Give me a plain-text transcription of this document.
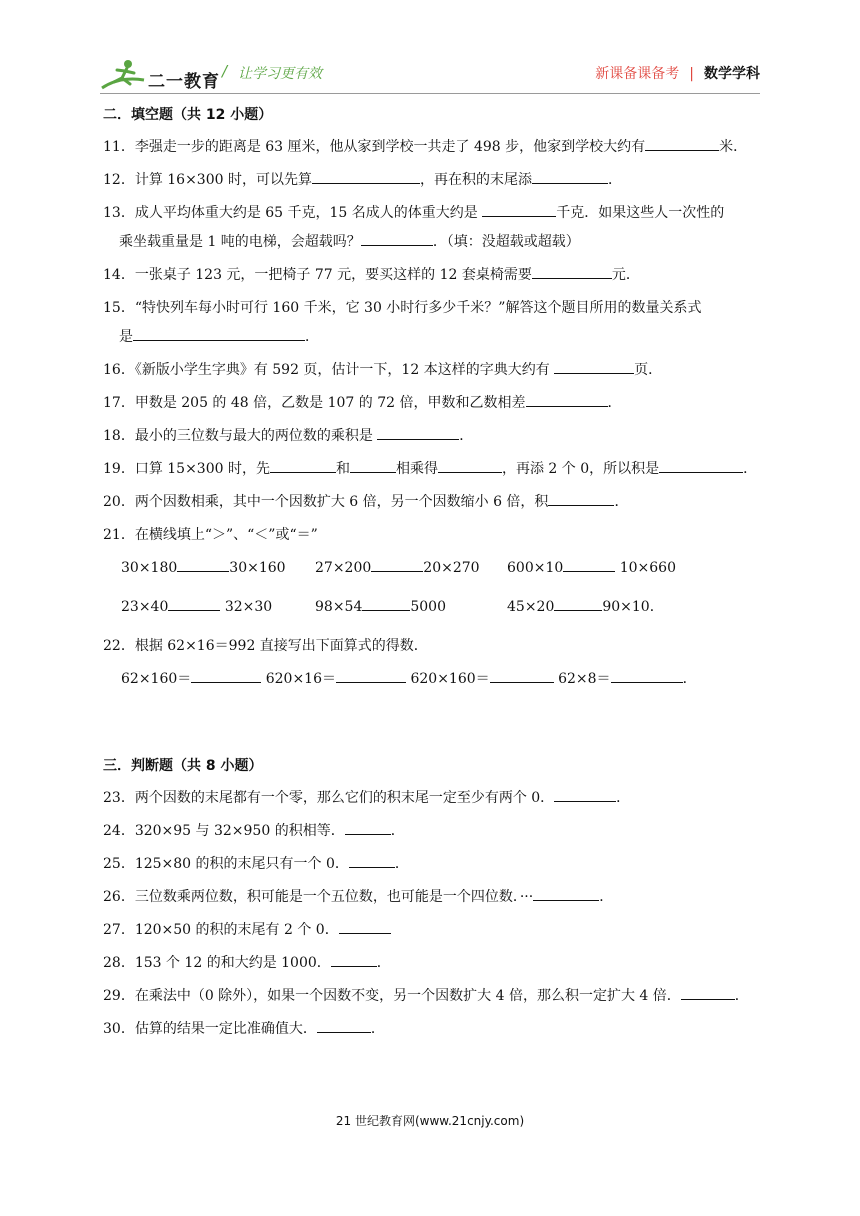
二一教育
/ 让学习更有效	新课备课备考 | 数学学科
二．填空题（共 12 小题）
11．李强走一步的距离是 63 厘米，他从家到学校一共走了 498 步，他家到学校大约有	米．
12．计算 16×300 时，可以先算	，再在积的末尾添	．
13．成人平均体重大约是 65 千克，15 名成人的体重大约是	千克．如果这些人一次性的
乘坐载重量是 1 吨的电梯，会超载吗？	．（填：没超载或超载）
14．一张桌子 123 元，一把椅子 77 元，要买这样的 12 套桌椅需要	元．
15．“特快列车每小时可行 160 千米，它 30 小时行多少千米？”解答这个题目所用的数量关系式
是	．
16．《新版小学生字典》有 592 页，估计一下，12 本这样的字典大约有	页．
17．甲数是 205 的 48 倍，乙数是 107 的 72 倍，甲数和乙数相差	．
18．最小的三位数与最大的两位数的乘积是	．
19．口算 15×300 时，先	和	相乘得	，再添 2 个 0，所以积是	．
20．两个因数相乘，其中一个因数扩大 6 倍，另一个因数缩小 6 倍，积	．
21．在横线填上“＞”、“＜”或“＝”
30×180	30×160 27×200	20×270 600×10	10×660
23×40	32×30	98×54	5000	45×20	90×10．
22．根据 62×16＝992 直接写出下面算式的得数．
62×160＝	620×16＝	620×160＝	62×8＝	．
三．判断题（共 8 小题）
23．两个因数的末尾都有一个零，那么它们的积末尾一定至少有两个 0．	．
24．320×95 与 32×950 的积相等．	．
25．125×80 的积的末尾只有一个 0．	．
26．三位数乘两位数，积可能是一个五位数，也可能是一个四位数．···	．
27．120×50 的积的末尾有 2 个 0．
28．153 个 12 的和大约是 1000．	．
29．在乘法中（0 除外），如果一个因数不变，另一个因数扩大 4 倍，那么积一定扩大 4 倍．	．
30．估算的结果一定比准确值大．	．
21 世纪教育网(www.21cnjy.com)
